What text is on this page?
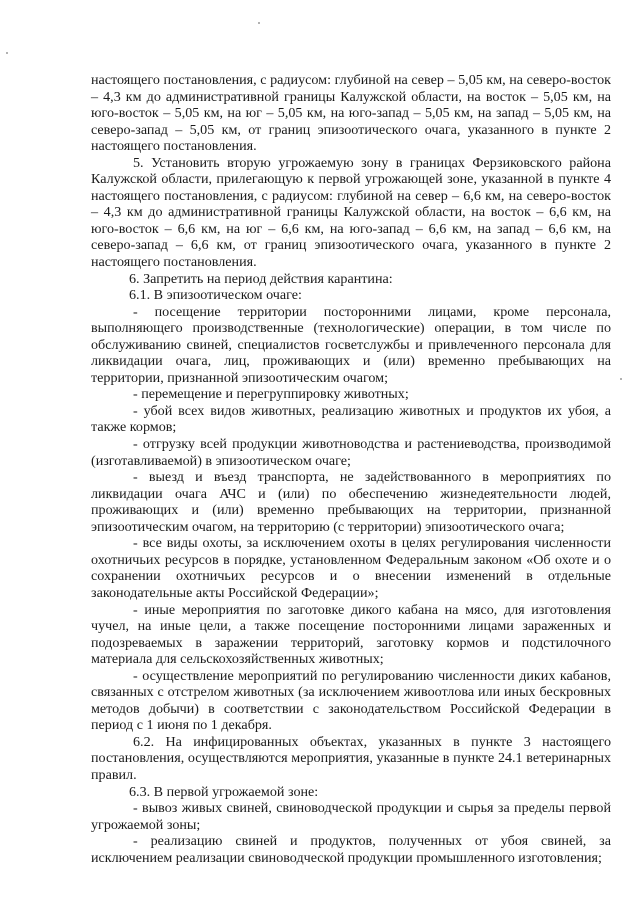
настоящего постановления, с радиусом: глубиной на север – 5,05 км, на северо-восток – 4,3 км до административной границы Калужской области, на восток – 5,05 км, на юго-восток – 5,05 км, на юг – 5,05 км, на юго-запад – 5,05 км, на запад – 5,05 км, на северо-запад – 5,05 км, от границ эпизоотического очага, указанного в пункте 2 настоящего постановления.

5. Установить вторую угрожаемую зону в границах Ферзиковского района Калужской области, прилегающую к первой угрожающей зоне, указанной в пункте 4 настоящего постановления, с радиусом: глубиной на север – 6,6 км, на северо-восток – 4,3 км до административной границы Калужской области, на восток – 6,6 км, на юго-восток – 6,6 км, на юг – 6,6 км, на юго-запад – 6,6 км, на запад – 6,6 км, на северо-запад – 6,6 км, от границ эпизоотического очага, указанного в пункте 2 настоящего постановления.

6. Запретить на период действия карантина:

6.1. В эпизоотическом очаге:

- посещение территории посторонними лицами, кроме персонала, выполняющего производственные (технологические) операции, в том числе по обслуживанию свиней, специалистов госветслужбы и привлеченного персонала для ликвидации очага, лиц, проживающих и (или) временно пребывающих на территории, признанной эпизоотическим очагом;

- перемещение и перегруппировку животных;

- убой всех видов животных, реализацию животных и продуктов их убоя, а также кормов;

- отгрузку всей продукции животноводства и растениеводства, производимой (изготавливаемой) в эпизоотическом очаге;

- выезд и въезд транспорта, не задействованного в мероприятиях по ликвидации очага АЧС и (или) по обеспечению жизнедеятельности людей, проживающих и (или) временно пребывающих на территории, признанной эпизоотическим очагом, на территорию (с территории) эпизоотического очага;

- все виды охоты, за исключением охоты в целях регулирования численности охотничьих ресурсов в порядке, установленном Федеральным законом «Об охоте и о сохранении охотничьих ресурсов и о внесении изменений в отдельные законодательные акты Российской Федерации»;

- иные мероприятия по заготовке дикого кабана на мясо, для изготовления чучел, на иные цели, а также посещение посторонними лицами зараженных и подозреваемых в заражении территорий, заготовку кормов и подстилочного материала для сельскохозяйственных животных;

- осуществление мероприятий по регулированию численности диких кабанов, связанных с отстрелом животных (за исключением живоотлова или иных бескровных методов добычи) в соответствии с законодательством Российской Федерации в период с 1 июня по 1 декабря.

6.2. На инфицированных объектах, указанных в пункте 3 настоящего постановления, осуществляются мероприятия, указанные в пункте 24.1 ветеринарных правил.

6.3. В первой угрожаемой зоне:

- вывоз живых свиней, свиноводческой продукции и сырья за пределы первой угрожаемой зоны;

- реализацию свиней и продуктов, полученных от убоя свиней, за исключением реализации свиноводческой продукции промышленного изготовления;
